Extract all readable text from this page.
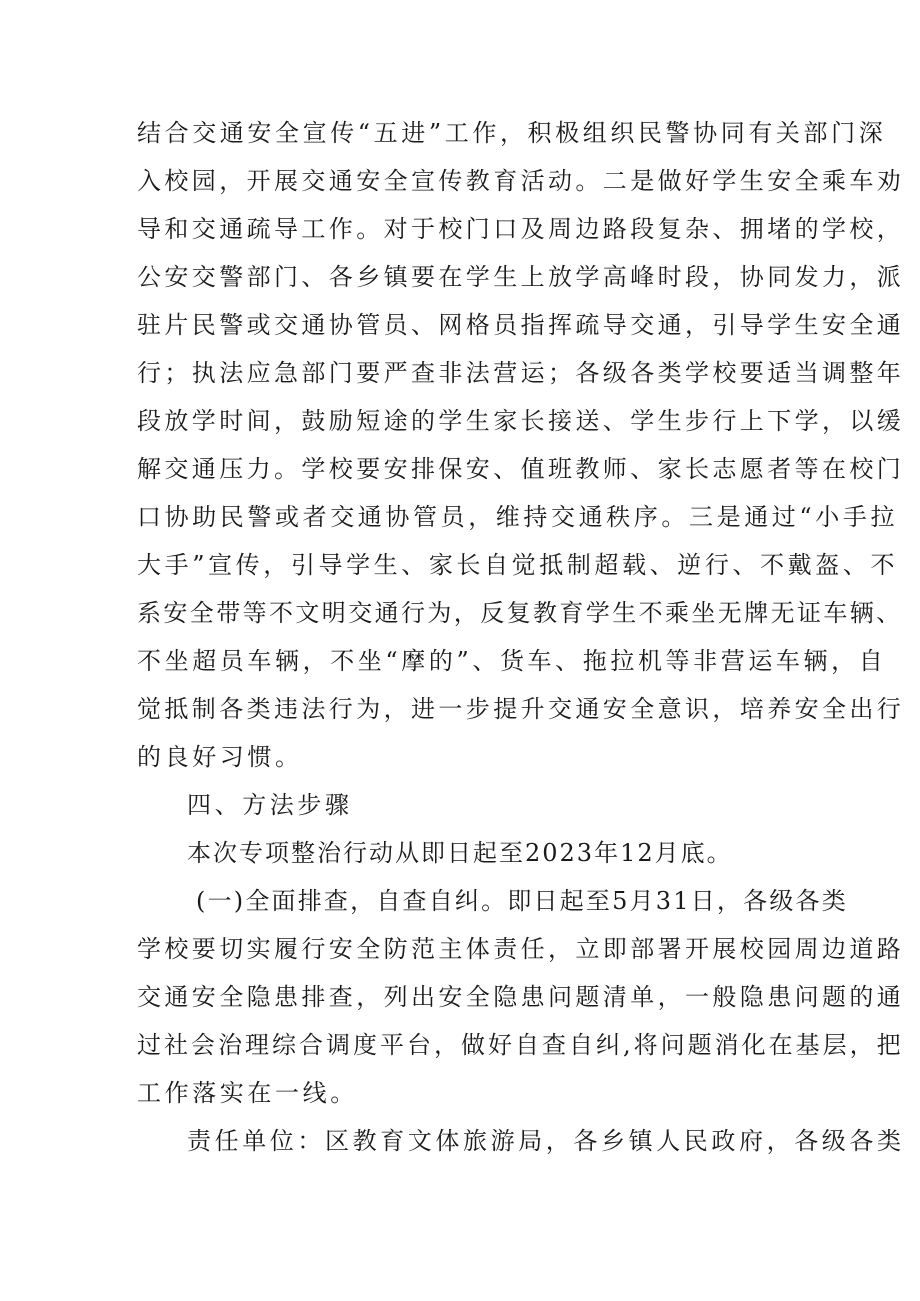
结合交通安全宣传“五进”工作，积极组织民警协同有关部门深
入校园，开展交通安全宣传教育活动。二是做好学生安全乘车劝
导和交通疏导工作。对于校门口及周边路段复杂、拥堵的学校，
公安交警部门、各乡镇要在学生上放学高峰时段，协同发力，派
驻片民警或交通协管员、网格员指挥疏导交通，引导学生安全通
行；执法应急部门要严查非法营运；各级各类学校要适当调整年
段放学时间，鼓励短途的学生家长接送、学生步行上下学，以缓
解交通压力。学校要安排保安、值班教师、家长志愿者等在校门
口协助民警或者交通协管员，维持交通秩序。三是通过“小手拉
大手”宣传，引导学生、家长自觉抵制超载、逆行、不戴盔、不
系安全带等不文明交通行为，反复教育学生不乘坐无牌无证车辆、
不坐超员车辆，不坐“摩的”、货车、拖拉机等非营运车辆，自
觉抵制各类违法行为，进一步提升交通安全意识，培养安全出行
的良好习惯。
四、方法步骤
本次专项整治行动从即日起至2023年12月底。
(一)全面排查，自查自纠。即日起至5月31日，各级各类
学校要切实履行安全防范主体责任，立即部署开展校园周边道路
交通安全隐患排查，列出安全隐患问题清单，一般隐患问题的通
过社会治理综合调度平台，做好自查自纠,将问题消化在基层，把
工作落实在一线。
责任单位：区教育文体旅游局，各乡镇人民政府，各级各类
